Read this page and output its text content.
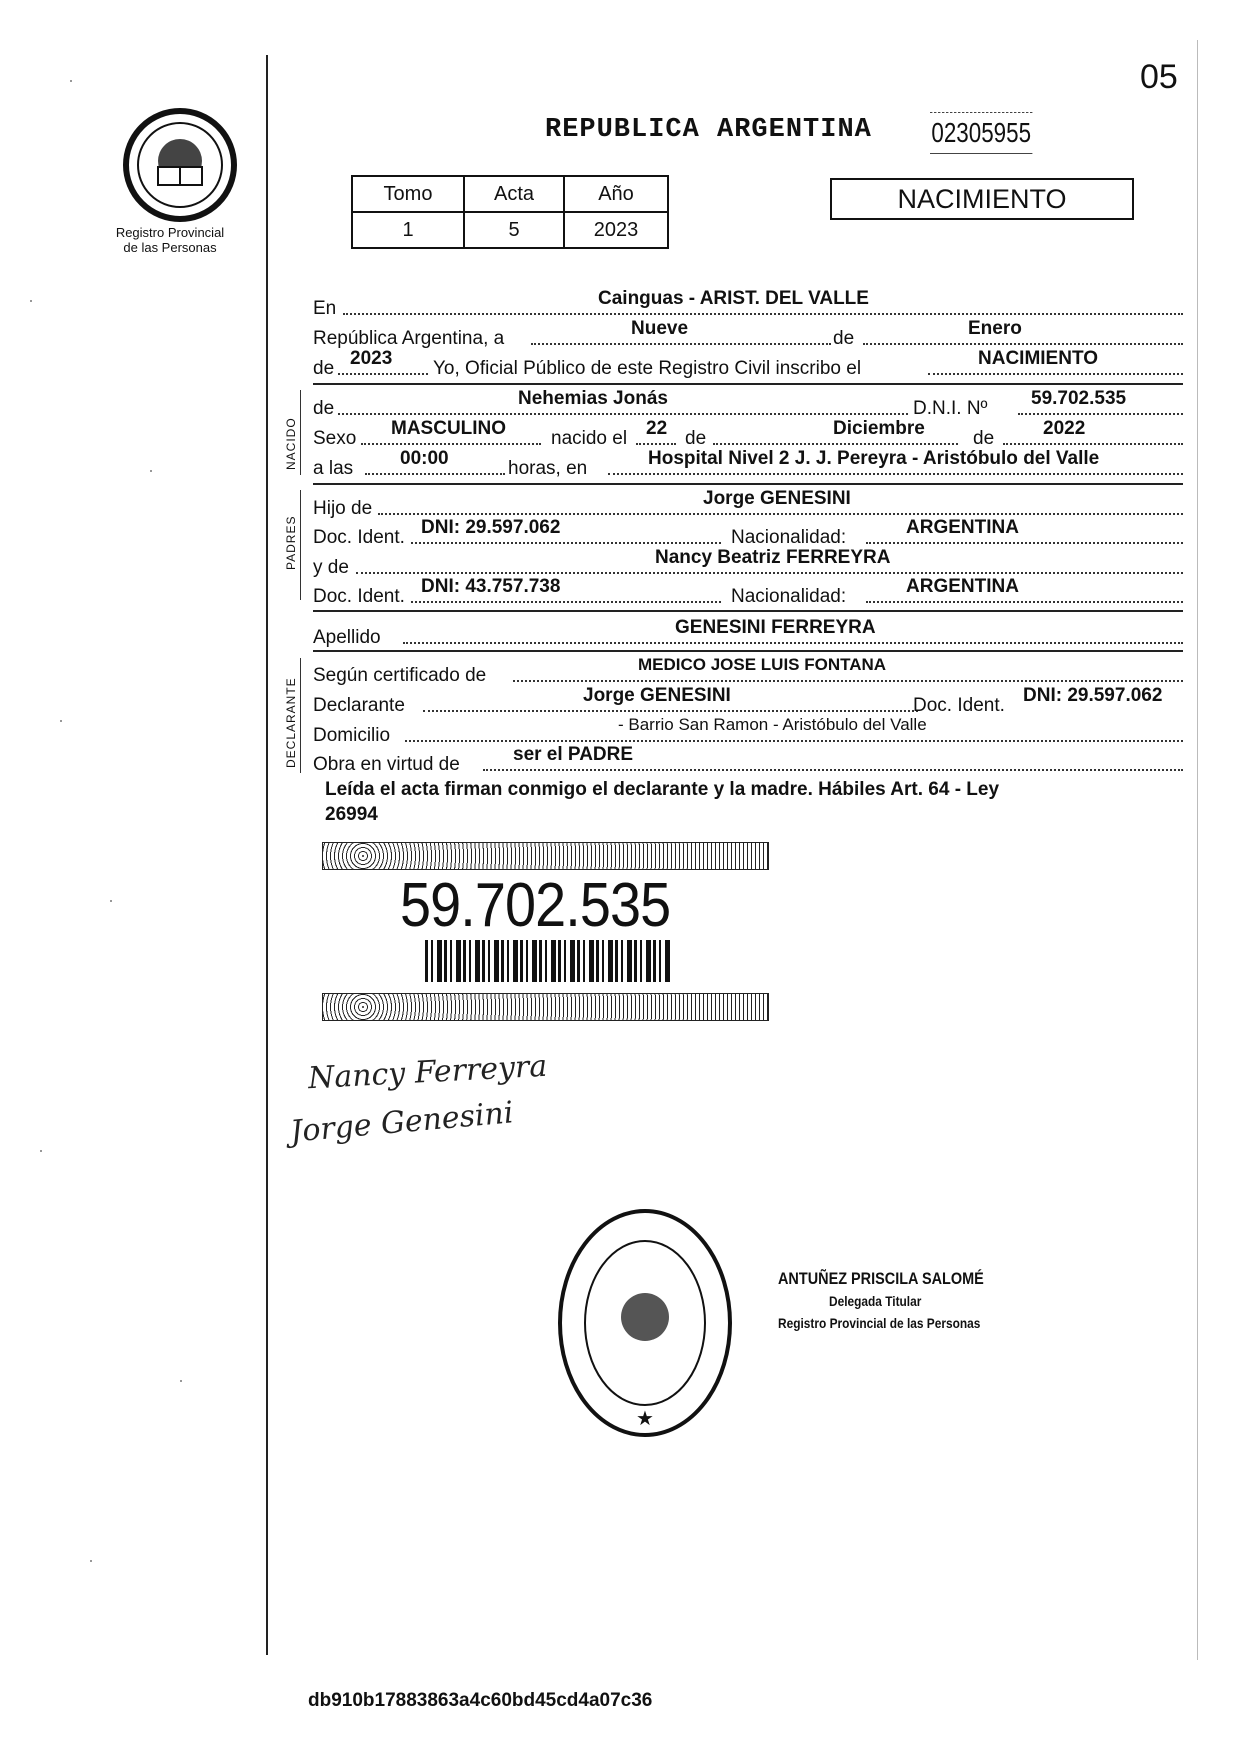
05
Registro Provincial
de las Personas
REPUBLICA ARGENTINA 02305955
Tomo	Acta	Año
1	5	2023
NACIMIENTO
En	Cainguas - ARIST. DEL VALLE
República Argentina, a	Nueve	de	Enero
de 2023 Yo, Oficial Público de este Registro Civil inscribo el	NACIMIENTO
NACIDO
de	Nehemias Jonás	D.N.I. Nº 59.702.535
Sexo MASCULINO nacido el 22 de	Diciembre	de	2022
a las 00:00	horas, en	Hospital Nivel 2 J. J. Pereyra - Aristóbulo del Valle
PADRES
Hijo de	Jorge GENESINI
Doc. Ident. DNI: 29.597.062	Nacionalidad:	ARGENTINA
y de	Nancy Beatriz FERREYRA
Doc. Ident. DNI: 43.757.738	Nacionalidad:	ARGENTINA
Apellido	GENESINI FERREYRA
DECLARANTE
Según certificado de
MEDICO JOSE LUIS FONTANA
Declarante	Jorge GENESINI	Doc. Ident. DNI: 29.597.062
Domicilio
- Barrio San Ramon - Aristóbulo del Valle
Obra en virtud de	ser el PADRE
Leída el acta firman conmigo el declarante y la madre. Hábiles Art. 64 - Ley
26994
59.702.535
Nancy Ferreyra
Jorge Genesini
★
ANTUÑEZ PRISCILA SALOMÉ
Delegada Titular
Registro Provincial de las Personas
db910b17883863a4c60bd45cd4a07c36
